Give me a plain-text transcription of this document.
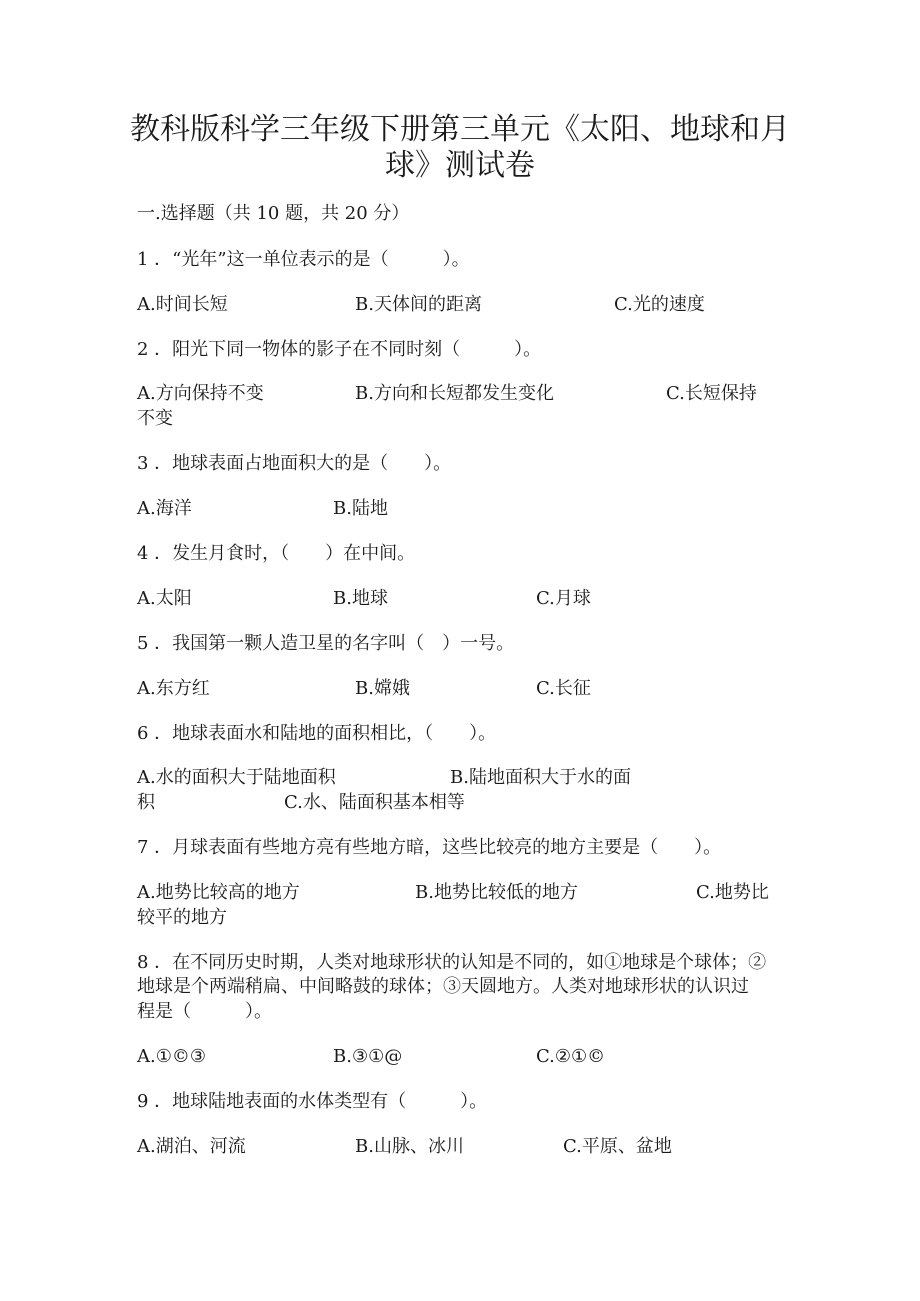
教科版科学三年级下册第三单元《太阳、地球和月
球》测试卷

一.选择题（共 10 题，共 20 分）

1 ．“光年”这一单位表示的是（　　　）。

A.时间长短	B.天体间的距离	C.光的速度

2 ．阳光下同一物体的影子在不同时刻（　　　）。

A.方向保持不变	B.方向和长短都发生变化	C.长短保持
不变

3 ．地球表面占地面积大的是（　　）。

A.海洋	B.陆地

4 ．发生月食时，（　　）在中间。

A.太阳	B.地球	C.月球

5 ．我国第一颗人造卫星的名字叫（　）一号。

A.东方红	B.嫦娥	C.长征

6 ．地球表面水和陆地的面积相比，（　　）。

A.水的面积大于陆地面积	B.陆地面积大于水的面
积	C.水、陆面积基本相等

7 ．月球表面有些地方亮有些地方暗，这些比较亮的地方主要是（　　）。

A.地势比较高的地方	B.地势比较低的地方	C.地势比
较平的地方

8 ．在不同历史时期，人类对地球形状的认知是不同的，如①地球是个球体；②

地球是个两端稍扁、中间略鼓的球体；③天圆地方。人类对地球形状的认识过

程是（　　　）。

A.①©③	B.③①@	C.②①©

9 ．地球陆地表面的水体类型有（　　　）。

A.湖泊、河流	B.山脉、冰川	C.平原、盆地
